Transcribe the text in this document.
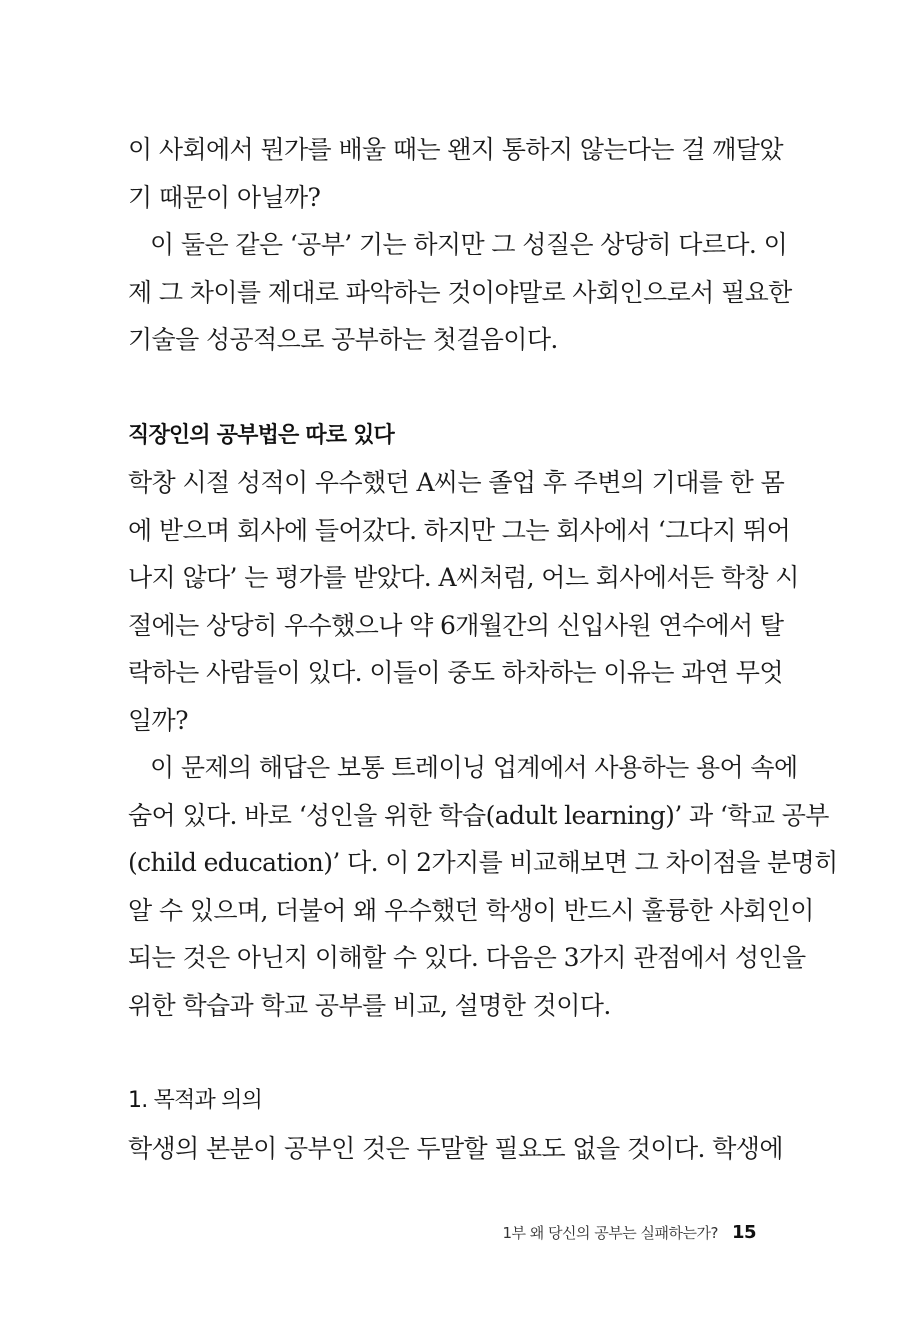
이 사회에서 뭔가를 배울 때는 왠지 통하지 않는다는 걸 깨달았
기 때문이 아닐까?
이 둘은 같은 ‘공부’ 기는 하지만 그 성질은 상당히 다르다. 이
제 그 차이를 제대로 파악하는 것이야말로 사회인으로서 필요한
기술을 성공적으로 공부하는 첫걸음이다.
직장인의 공부법은 따로 있다
학창 시절 성적이 우수했던 A씨는 졸업 후 주변의 기대를 한 몸
에 받으며 회사에 들어갔다. 하지만 그는 회사에서 ‘그다지 뛰어
나지 않다’ 는 평가를 받았다. A씨처럼, 어느 회사에서든 학창 시
절에는 상당히 우수했으나 약 6개월간의 신입사원 연수에서 탈
락하는 사람들이 있다. 이들이 중도 하차하는 이유는 과연 무엇
일까?
이 문제의 해답은 보통 트레이닝 업계에서 사용하는 용어 속에
숨어 있다. 바로 ‘성인을 위한 학습(adult learning)’ 과 ‘학교 공부
(child education)’ 다. 이 2가지를 비교해보면 그 차이점을 분명히
알 수 있으며, 더불어 왜 우수했던 학생이 반드시 훌륭한 사회인이
되는 것은 아닌지 이해할 수 있다. 다음은 3가지 관점에서 성인을
위한 학습과 학교 공부를 비교, 설명한 것이다.
1. 목적과 의의
학생의 본분이 공부인 것은 두말할 필요도 없을 것이다. 학생에
1부 왜 당신의 공부는 실패하는가? 15
